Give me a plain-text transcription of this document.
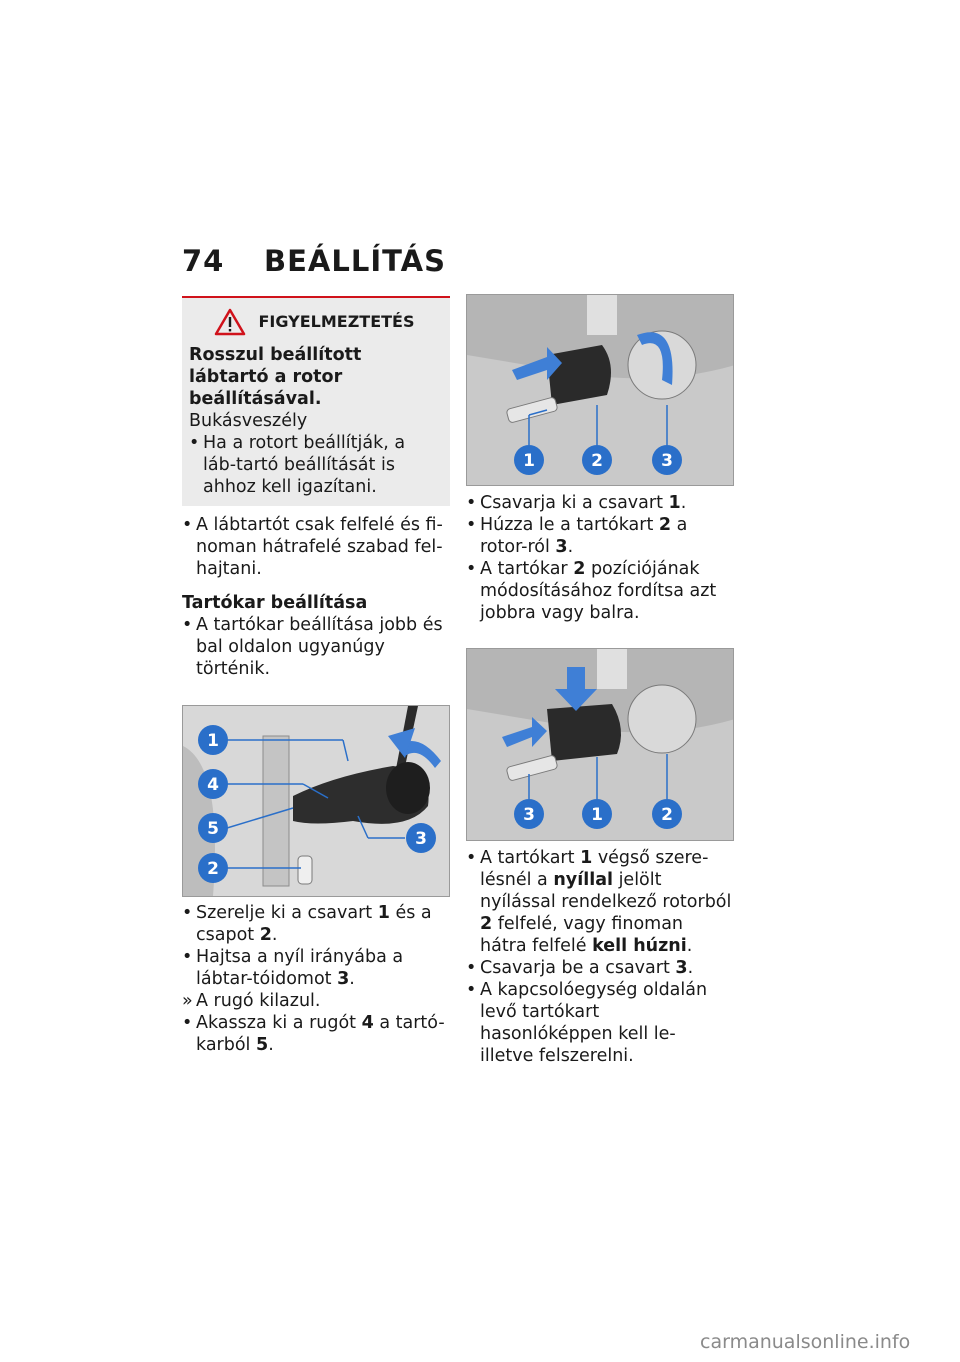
74 BEÁLLÍTÁS
FIGYELMEZTETÉS
Rosszul beállított lábtartó a rotor beállításával.
Bukásveszély
• Ha a rotort beállítják, a láb-tartó beállítását is ahhoz kell igazítani.
• A lábtartót csak felfelé és fi-noman hátrafelé szabad fel-hajtani.
Tartókar beállítása
• A tartókar beállítása jobb és bal oldalon ugyanúgy történik.
1
4
5
2
3
• Szerelje ki a csavart 1 és a csapot 2.
• Hajtsa a nyíl irányába a lábtar-tóidomot 3.
» A rugó kilazul.
• Akassza ki a rugót 4 a tartó-karból 5.
1	2	3
• Csavarja ki a csavart 1.
• Húzza le a tartókart 2 a rotor-ról 3.
• A tartókar 2 pozíciójának módosításához fordítsa azt jobbra vagy balra.
3	1	2
• A tartókart 1 végső szere-lésnél a nyíllal jelölt nyílással rendelkező rotorból 2 felfelé, vagy finoman hátra felfelé kell húzni.
• Csavarja be a csavart 3.
• A kapcsolóegység oldalán levő tartókart hasonlóképpen kell le- illetve felszerelni.
carmanualsonline.info
